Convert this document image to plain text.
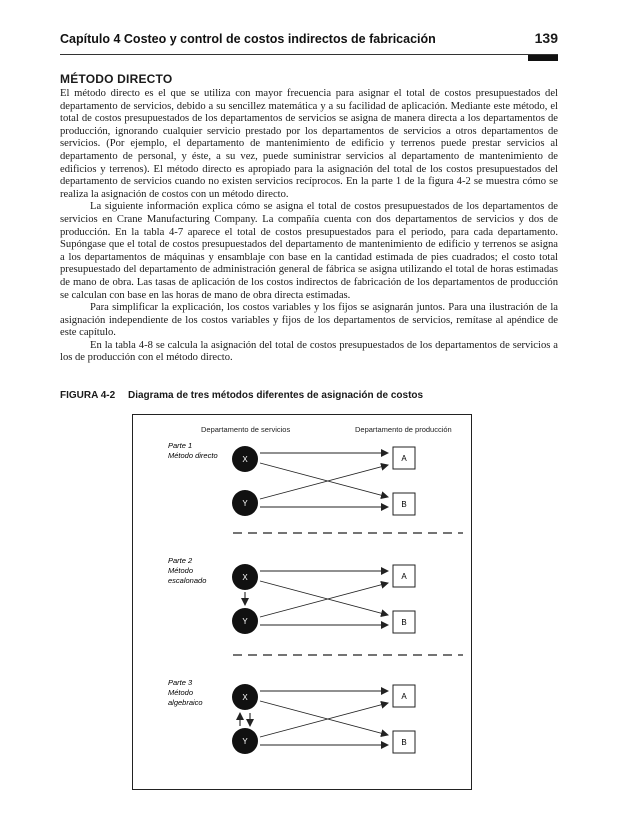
Capítulo 4 Costeo y control de costos indirectos de fabricación	139
MÉTODO DIRECTO

El método directo es el que se utiliza con mayor frecuencia para asignar el total de costos presupuestados del departamento de servicios, debido a su sencillez matemática y a su facilidad de aplicación. Mediante este método, el total de costos presupuestados de los departamentos de servicios se asigna de manera directa a los departamentos de producción, ignorando cualquier servicio prestado por los departamentos de servicios a otros departamentos de servicios. (Por ejemplo, el departamento de mantenimiento de edificio y terrenos puede prestar servicios al departamento de personal, y éste, a su vez, puede suministrar servicios al departamento de mantenimiento de edificios y terrenos). El método directo es apropiado para la asignación del total de los costos presupuestados del departamento de servicios cuando no existen servicios recíprocos. En la parte 1 de la figura 4-2 se muestra cómo se realiza la asignación de costos con un método directo.

La siguiente información explica cómo se asigna el total de costos presupuestados de los departamentos de servicios en Crane Manufacturing Company. La compañía cuenta con dos departamentos de servicios y dos de producción. En la tabla 4-7 aparece el total de costos presupuestados para el periodo, para cada departamento. Supóngase que el total de costos presupuestados del departamento de mantenimiento de edificio y terrenos se asigna a los departamentos de máquinas y ensamblaje con base en la cantidad estimada de pies cuadrados; el costo total presupuestado del departamento de administración general de fábrica se asigna utilizando el total de horas estimadas de mano de obra. Las tasas de aplicación de los costos indirectos de fabricación de los departamentos de producción se calculan con base en las horas de mano de obra directa estimadas.

Para simplificar la explicación, los costos variables y los fijos se asignarán juntos. Para una ilustración de la asignación independiente de los costos variables y fijos de los departamentos de servicios, remítase al apéndice de este capítulo.

En la tabla 4-8 se calcula la asignación del total de costos presupuestados de los departamentos de servicios a los de producción con el método directo.

FIGURA 4-2 Diagrama de tres métodos diferentes de asignación de costos
Departamento de servicios	Departamento de producción
Parte 1
Método directo	X
Y
A
B
Parte 2
Método
escalonado	X
Y
A
B
Parte 3
Método
algebraico
X
Y
A
B
